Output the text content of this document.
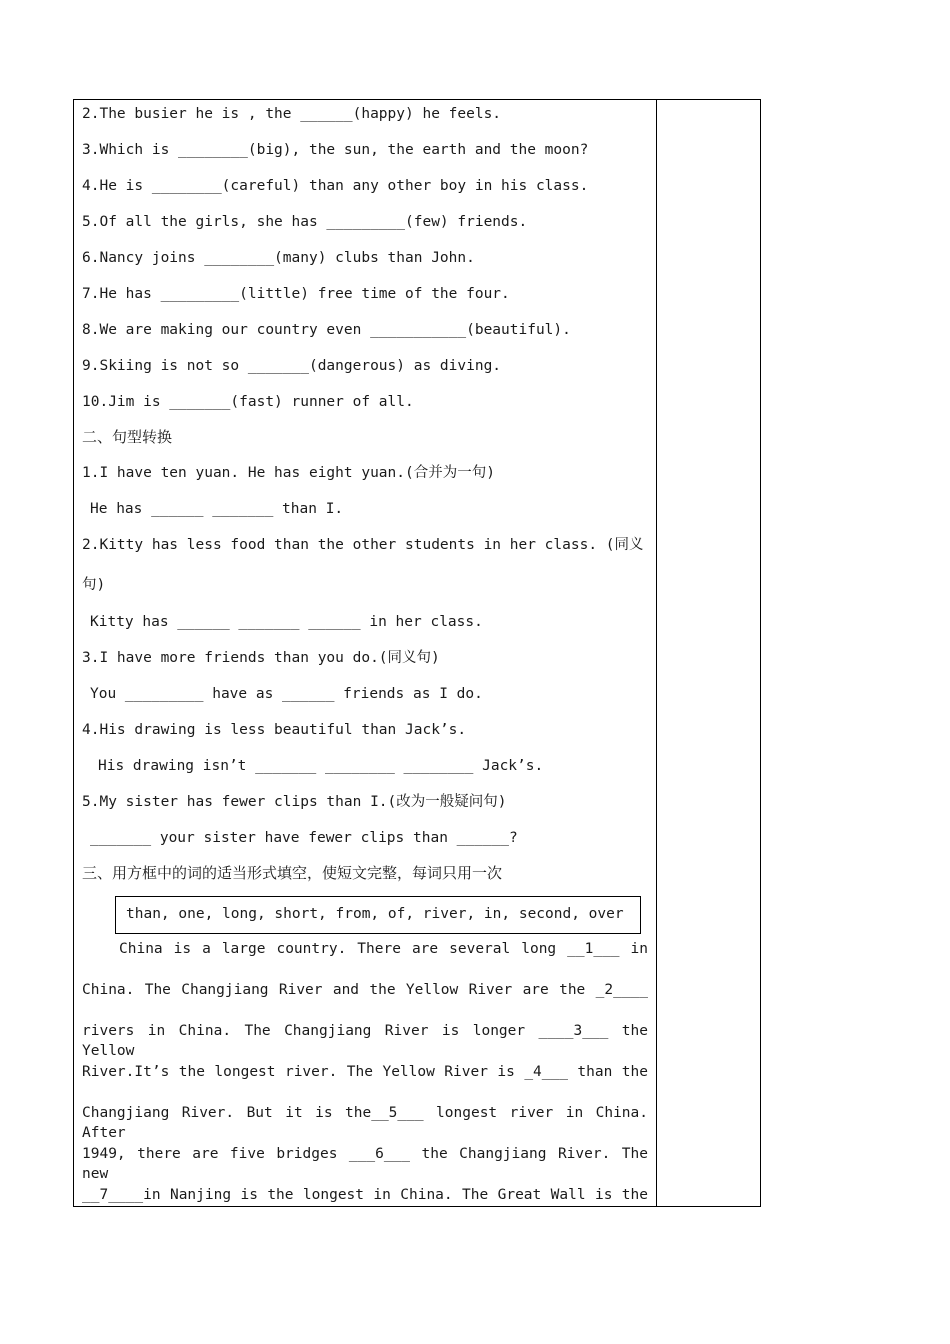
2.The busier he is , the ______(happy) he feels.
3.Which is ________(big), the sun, the earth and the moon?
4.He is ________(careful) than any other boy in his class.
5.Of all the girls, she has _________(few) friends.
6.Nancy joins ________(many) clubs than John.
7.He has _________(little) free time of the four.
8.We are making our country even ___________(beautiful).
9.Skiing is not so _______(dangerous) as diving.
10.Jim is _______(fast) runner of all.
二、句型转换
1.I have ten yuan. He has eight yuan.(合并为一句)
He has ______ _______ than I.
2.Kitty has less food than the other students in her class. (同义
句)
Kitty has ______ _______ ______ in her class.
3.I have more friends than you do.(同义句)
You _________ have as ______ friends as I do.
4.His drawing is less beautiful than Jack’s.
His drawing isn’t _______ ________ ________ Jack’s.
5.My sister has fewer clips than I.(改为一般疑问句)
_______ your sister have fewer clips than ______?
三、用方框中的词的适当形式填空，使短文完整，每词只用一次
than, one, long, short, from, of, river, in, second, over
China is a large country. There are several long __1___ in
China. The Changjiang River and the Yellow River are the _2____
rivers in China. The Changjiang River is longer ____3___ the Yellow
River.It’s the longest river. The Yellow River is _4___ than the
Changjiang River. But it is the__5___ longest river in China. After
1949, there are five bridges ___6___ the Changjiang River. The new
__7____in Nanjing is the longest in China. The Great Wall is the
